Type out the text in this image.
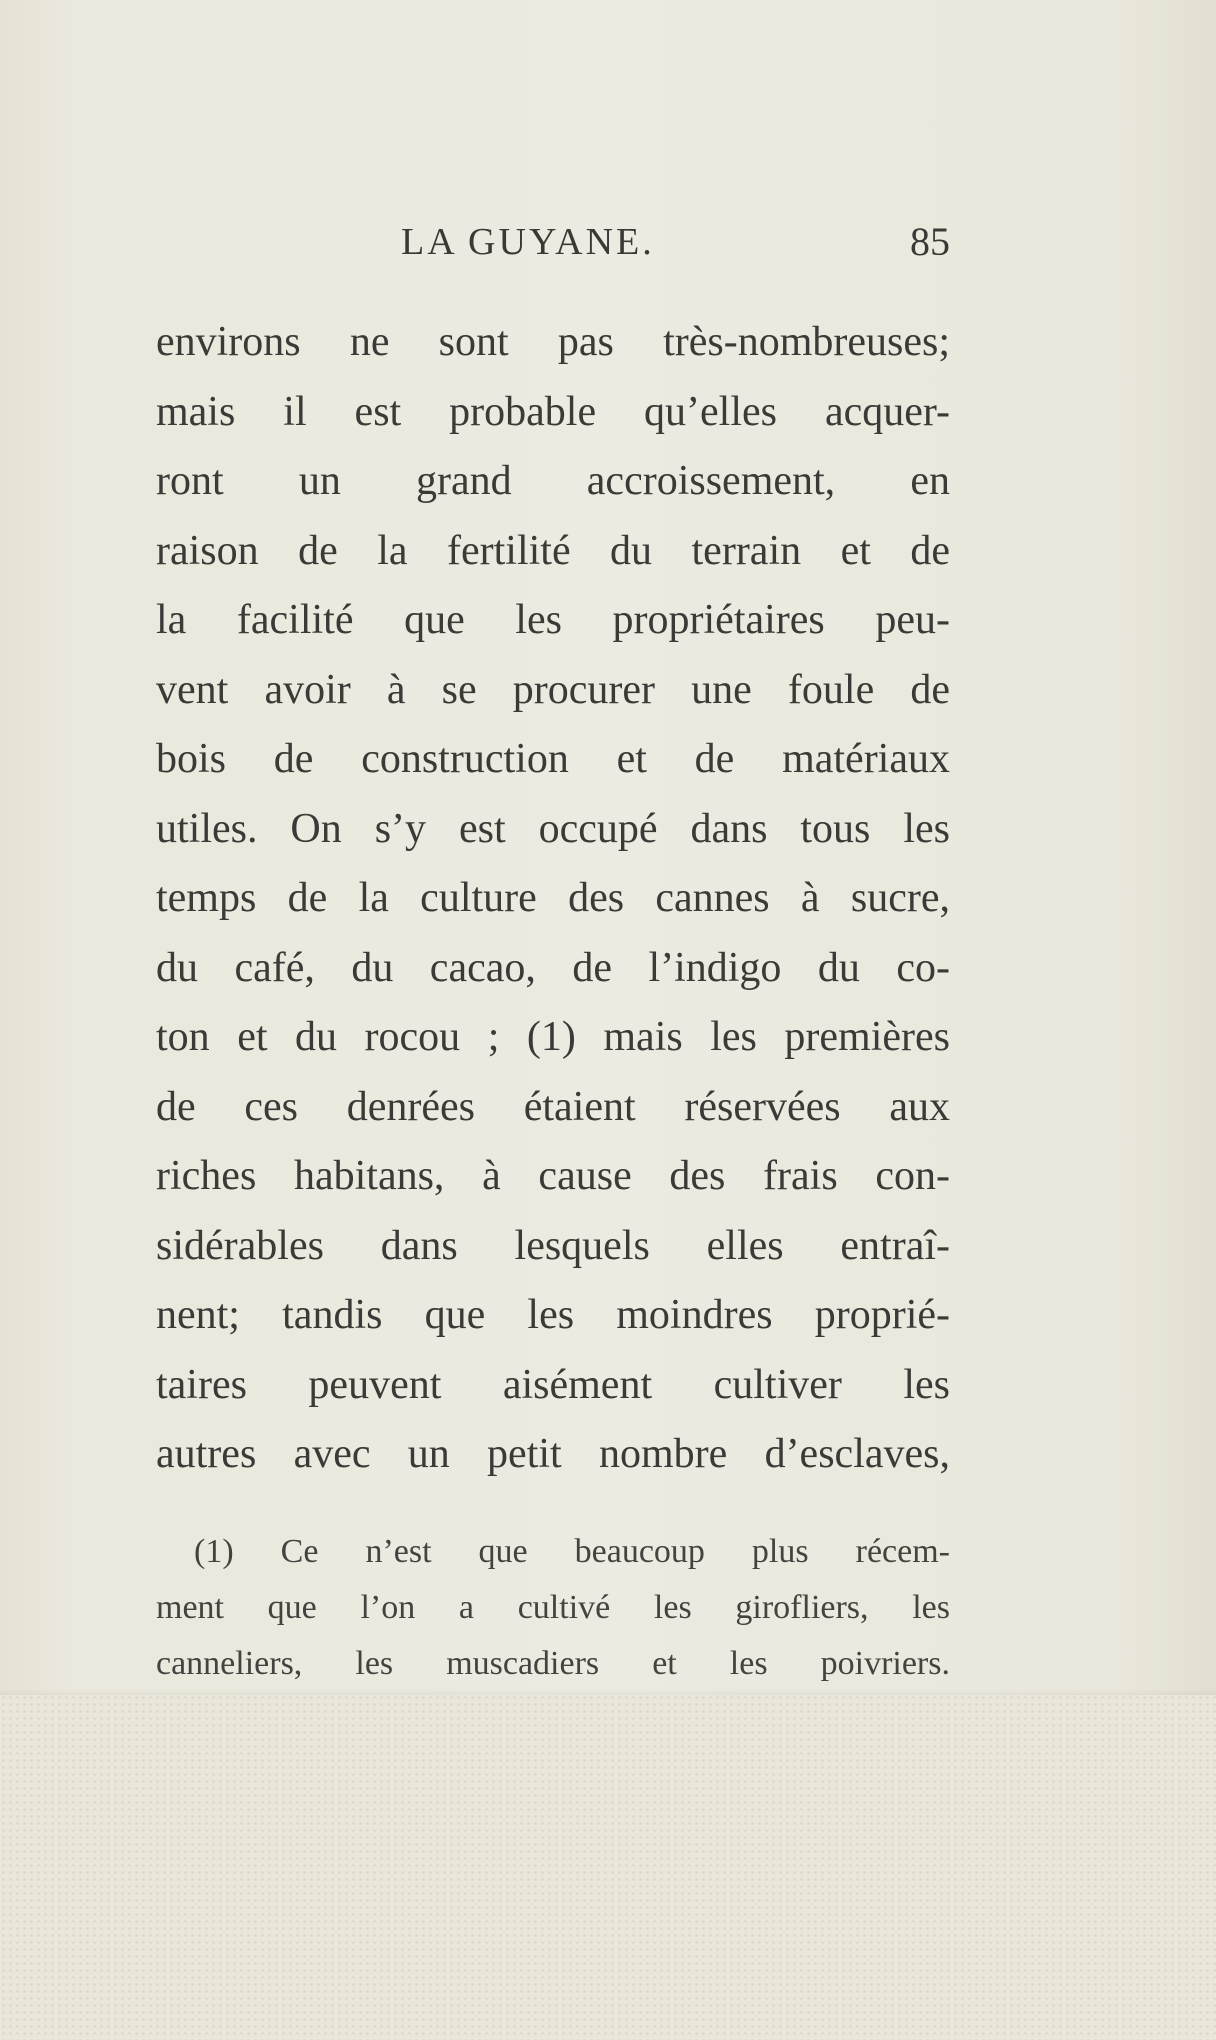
LA GUYANE.	85
environs ne sont pas très-nombreuses;
mais il est probable qu’elles acquer-
ront un grand accroissement, en
raison de la fertilité du terrain et de
la facilité que les propriétaires peu-
vent avoir à se procurer une foule de
bois de construction et de matériaux
utiles. On s’y est occupé dans tous les
temps de la culture des cannes à sucre,
du café, du cacao, de l’indigo du co-
ton et du rocou ; (1) mais les premières
de ces denrées étaient réservées aux
riches habitans, à cause des frais con-
sidérables dans lesquels elles entraî-
nent; tandis que les moindres proprié-
taires peuvent aisément cultiver les
autres avec un petit nombre d’esclaves,
(1) Ce n’est que beaucoup plus récem-
ment que l’on a cultivé les girofliers, les
canneliers, les muscadiers et les poivriers.
